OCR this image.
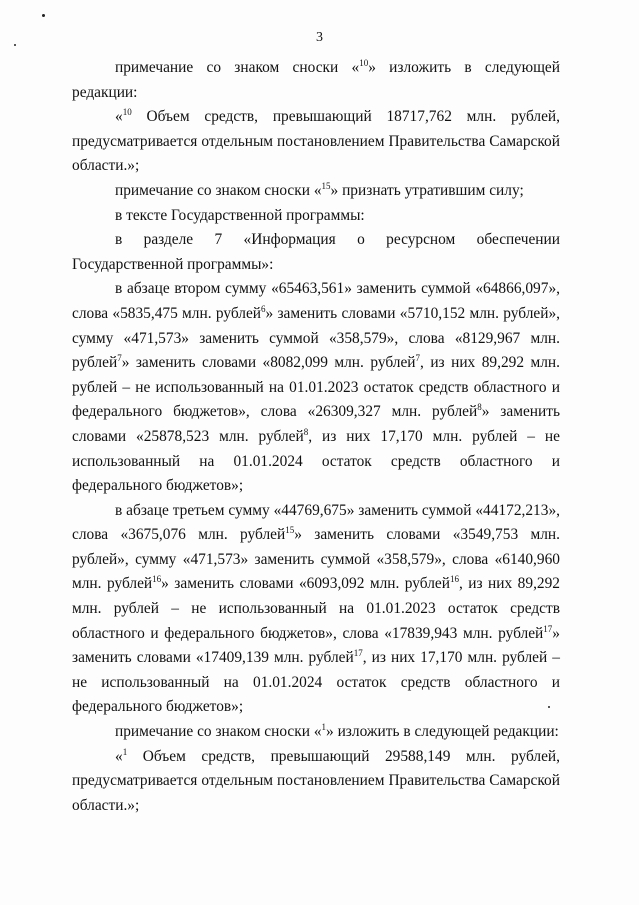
3

примечание со знаком сноски «$^{10}$» изложить в следующей редакции:

«$^{10}$ Объем средств, превышающий 18717,762 млн. рублей, предусматривается отдельным постановлением Правительства Самарской области.»;

примечание со знаком сноски «$^{15}$» признать утратившим силу;

в тексте Государственной программы:

в разделе 7 «Информация о ресурсном обеспечении Государственной программы»:

в абзаце втором сумму «65463,561» заменить суммой «64866,097», слова «5835,475 млн. рублей$^6$» заменить словами «5710,152 млн. рублей», сумму «471,573» заменить суммой «358,579», слова «8129,967 млн. рублей$^7$» заменить словами «8082,099 млн. рублей$^7$, из них 89,292 млн. рублей – не использованный на 01.01.2023 остаток средств областного и федерального бюджетов», слова «26309,327 млн. рублей$^8$» заменить словами «25878,523 млн. рублей$^8$, из них 17,170 млн. рублей – не использованный на 01.01.2024 остаток средств областного и федерального бюджетов»;

в абзаце третьем сумму «44769,675» заменить суммой «44172,213», слова «3675,076 млн. рублей$^{15}$» заменить словами «3549,753 млн. рублей», сумму «471,573» заменить суммой «358,579», слова «6140,960 млн. рублей$^{16}$» заменить словами «6093,092 млн. рублей$^{16}$, из них 89,292 млн. рублей – не использованный на 01.01.2023 остаток средств областного и федерального бюджетов», слова «17839,943 млн. рублей$^{17}$» заменить словами «17409,139 млн. рублей$^{17}$, из них 17,170 млн. рублей – не использованный на 01.01.2024 остаток средств областного и федерального бюджетов»;

примечание со знаком сноски «$^1$» изложить в следующей редакции:

«$^1$ Объем средств, превышающий 29588,149 млн. рублей, предусматривается отдельным постановлением Правительства Самарской области.»;
